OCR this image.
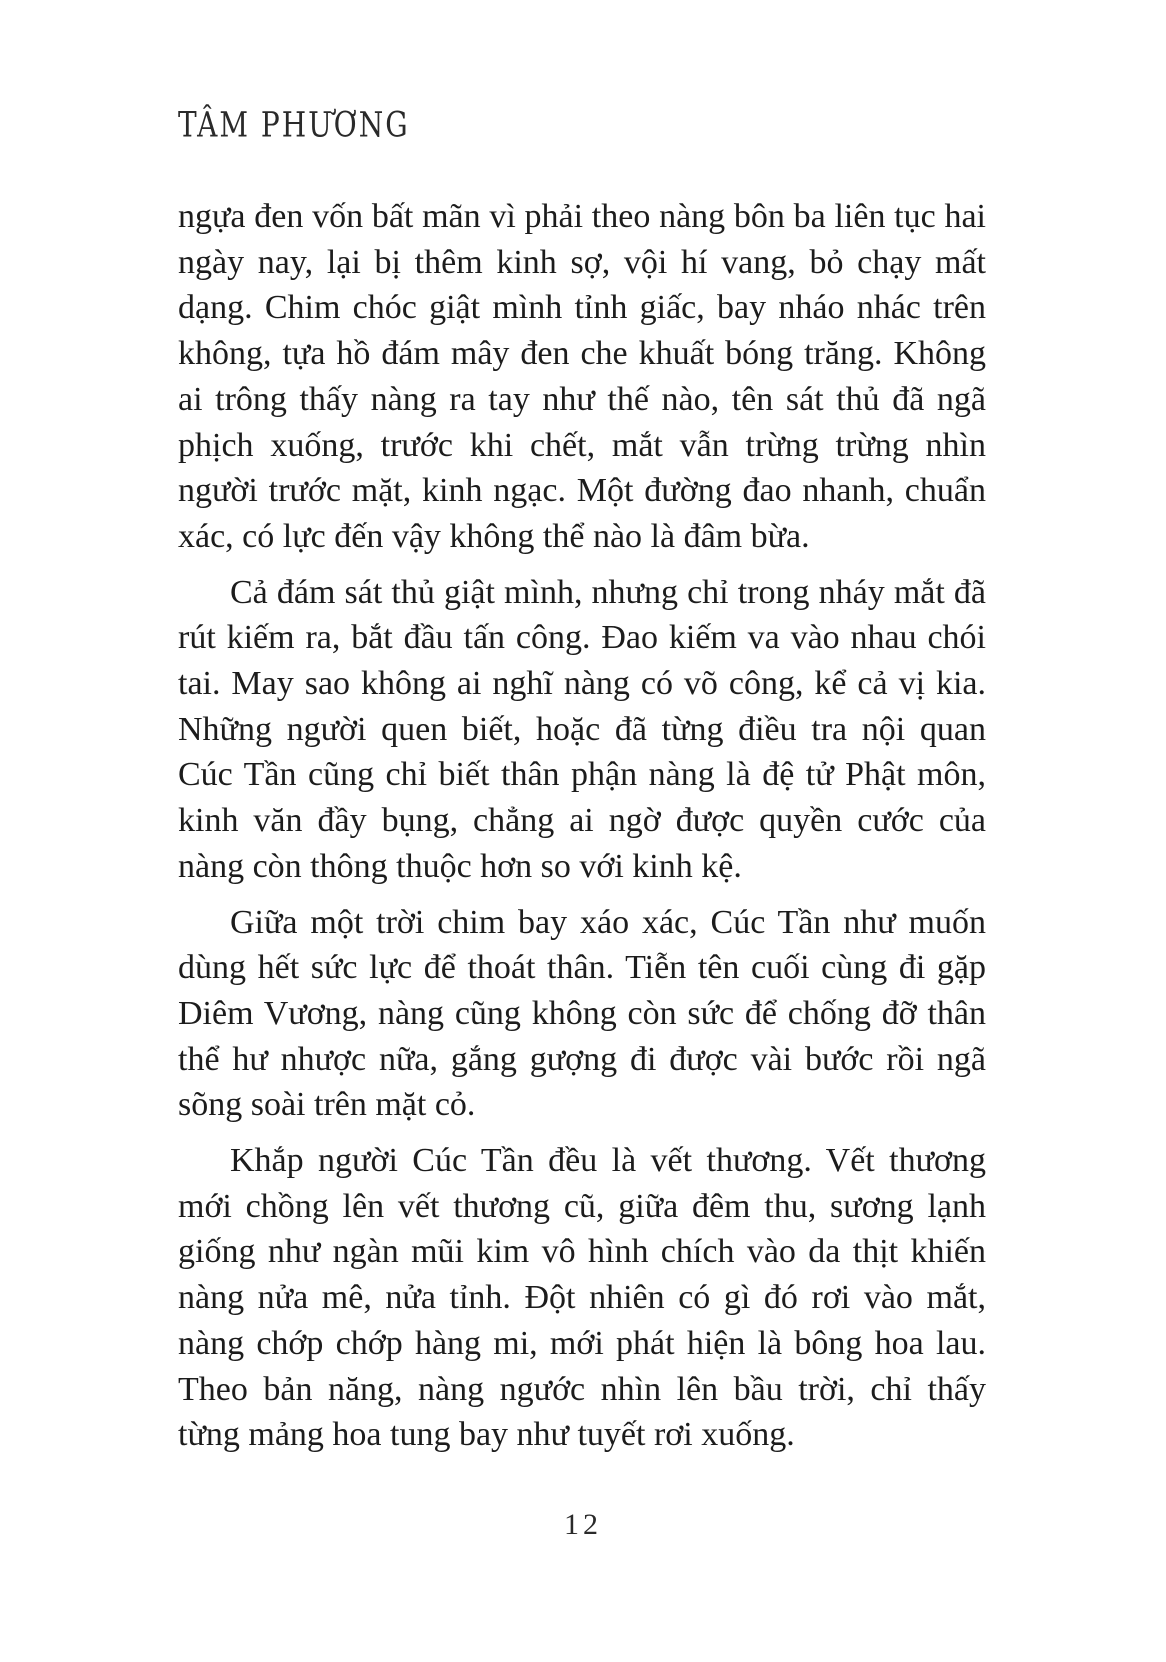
TÂM PHƯƠNG

ngựa đen vốn bất mãn vì phải theo nàng bôn ba liên tục hai ngày nay, lại bị thêm kinh sợ, vội hí vang, bỏ chạy mất dạng. Chim chóc giật mình tỉnh giấc, bay nháo nhác trên không, tựa hồ đám mây đen che khuất bóng trăng. Không ai trông thấy nàng ra tay như thế nào, tên sát thủ đã ngã phịch xuống, trước khi chết, mắt vẫn trừng trừng nhìn người trước mặt, kinh ngạc. Một đường đao nhanh, chuẩn xác, có lực đến vậy không thể nào là đâm bừa.

Cả đám sát thủ giật mình, nhưng chỉ trong nháy mắt đã rút kiếm ra, bắt đầu tấn công. Đao kiếm va vào nhau chói tai. May sao không ai nghĩ nàng có võ công, kể cả vị kia. Những người quen biết, hoặc đã từng điều tra nội quan Cúc Tần cũng chỉ biết thân phận nàng là đệ tử Phật môn, kinh văn đầy bụng, chẳng ai ngờ được quyền cước của nàng còn thông thuộc hơn so với kinh kệ.

Giữa một trời chim bay xáo xác, Cúc Tần như muốn dùng hết sức lực để thoát thân. Tiễn tên cuối cùng đi gặp Diêm Vương, nàng cũng không còn sức để chống đỡ thân thể hư nhược nữa, gắng gượng đi được vài bước rồi ngã sõng soài trên mặt cỏ.

Khắp người Cúc Tần đều là vết thương. Vết thương mới chồng lên vết thương cũ, giữa đêm thu, sương lạnh giống như ngàn mũi kim vô hình chích vào da thịt khiến nàng nửa mê, nửa tỉnh. Đột nhiên có gì đó rơi vào mắt, nàng chớp chớp hàng mi, mới phát hiện là bông hoa lau. Theo bản năng, nàng ngước nhìn lên bầu trời, chỉ thấy từng mảng hoa tung bay như tuyết rơi xuống.

12
